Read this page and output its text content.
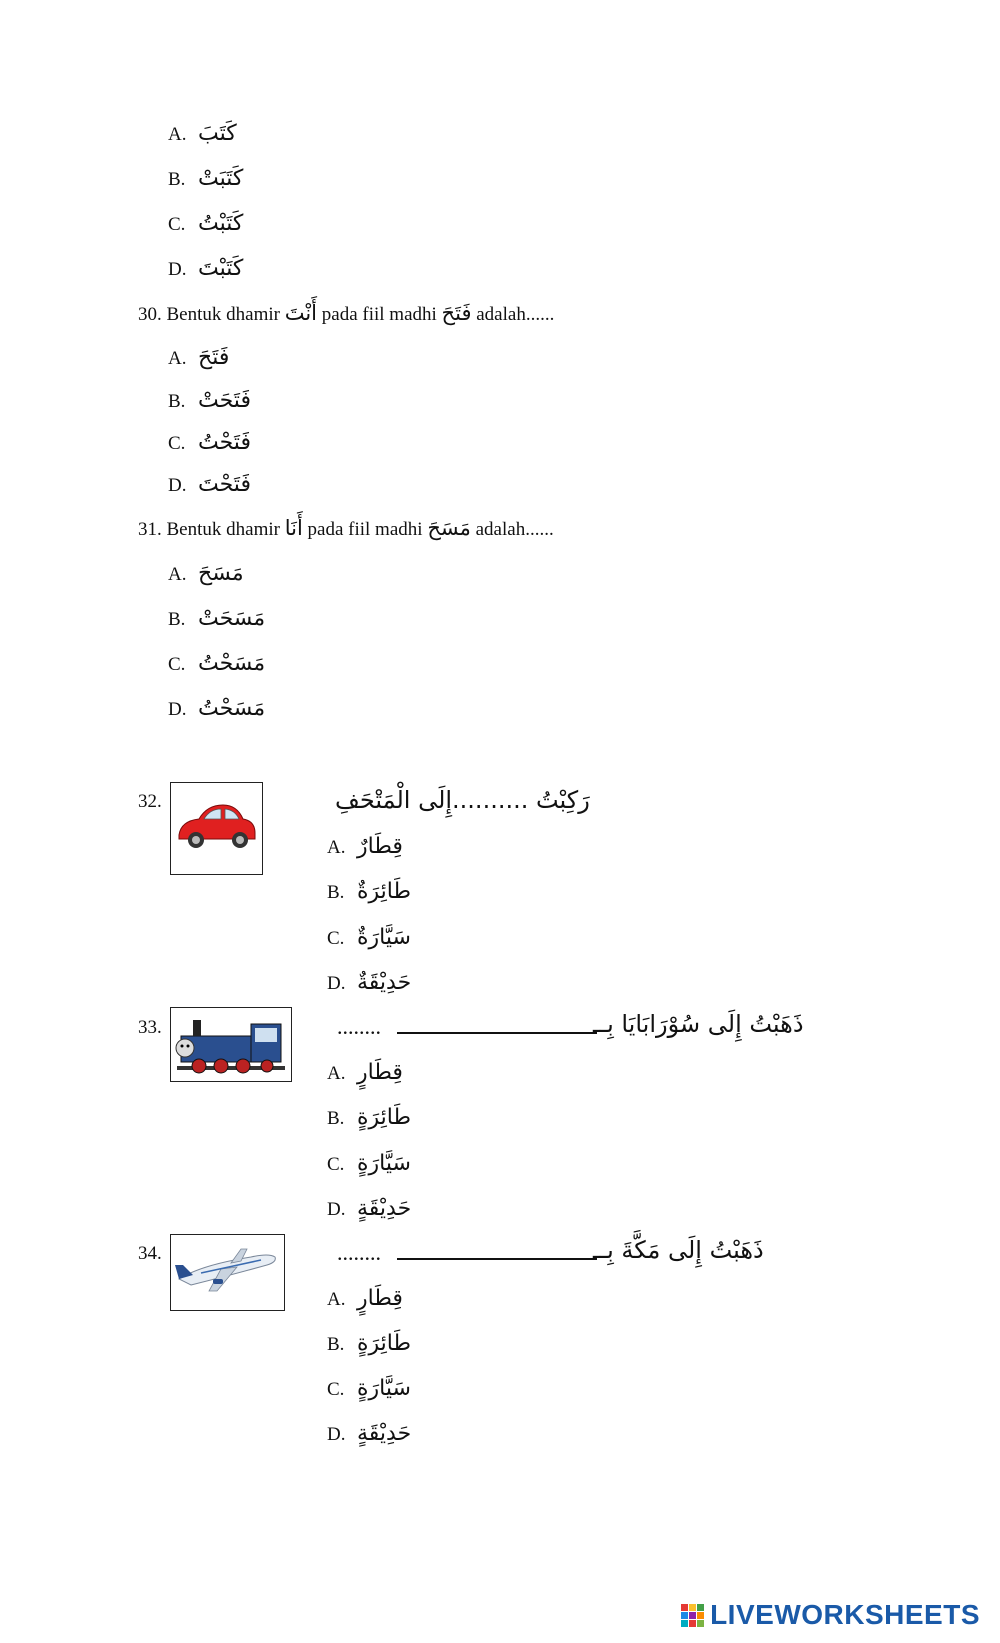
A. كَتَبَ
B. كَتَبَتْ
C. كَتَبْتُ
D. كَتَبْتَ
30. Bentuk dhamir أَنْتَ pada fiil madhi فَتَحَ adalah......
A. فَتَحَ
B. فَتَحَتْ
C. فَتَحْتُ
D. فَتَحْتَ
31. Bentuk dhamir أَنَا pada fiil madhi مَسَحَ adalah......
A. مَسَحَ
B. مَسَحَتْ
C. مَسَحْتُ
D. مَسَحْتُ
32.	رَكِبْتُ ..........إِلَى الْمَتْحَفِ
A. قِطَارٌ
B. طَائِرَةٌ
C. سَيَّارَةٌ
D. حَدِيْقَةٌ
33.	........	ذَهَبْتُ إِلَى سُوْرَابَايَا بِــ
A. قِطَارٍ
B. طَائِرَةٍ
C. سَيَّارَةٍ
D. حَدِيْقَةٍ
34.	........	ذَهَبْتُ إِلَى مَكَّةَ بِــ
A. قِطَارٍ
B. طَائِرَةٍ
C. سَيَّارَةٍ
D. حَدِيْقَةٍ
LIVEWORKSHEETS
